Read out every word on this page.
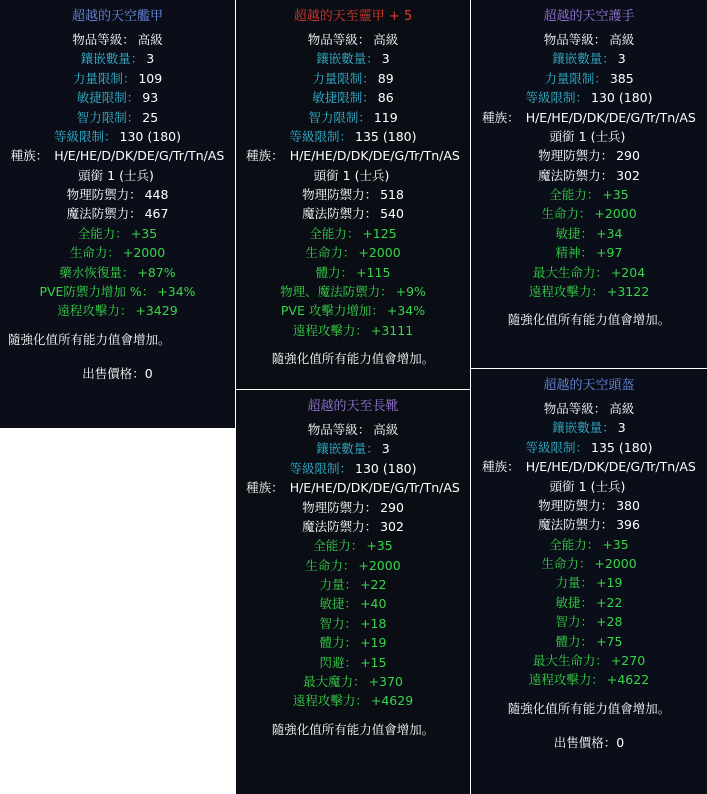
超越的天空艦甲
物品等級： 高級
鑲嵌數量： 3
力量限制： 109
敏捷限制： 93
智力限制： 25
等級限制： 130 (180)
種族： H/E/HE/D/DK/DE/G/Tr/Tn/AS
頭銜 1 (士兵)
物理防禦力： 448
魔法防禦力： 467
全能力： +35
生命力： +2000
藥水恢復量： +87%
PVE防禦力增加 %： +34%
遠程攻擊力： +3429
隨強化值所有能力值會增加。
出售價格：0
超越的天至靈甲 + 5
物品等級： 高級
鑲嵌數量： 3
力量限制： 89
敏捷限制： 86
智力限制： 119
等級限制： 135 (180)
種族： H/E/HE/D/DK/DE/G/Tr/Tn/AS
頭銜 1 (士兵)
物理防禦力： 518
魔法防禦力： 540
全能力： +125
生命力： +2000
體力： +115
物理、魔法防禦力： +9%
PVE 攻擊力增加： +34%
遠程攻擊力： +3111
隨強化值所有能力值會增加。
超越的天空護手
物品等級： 高級
鑲嵌數量： 3
力量限制： 385
等級限制： 130 (180)
種族： H/E/HE/D/DK/DE/G/Tr/Tn/AS
頭銜 1 (士兵)
物理防禦力： 290
魔法防禦力： 302
全能力： +35
生命力： +2000
敏捷： +34
精神： +97
最大生命力： +204
遠程攻擊力： +3122
隨強化值所有能力值會增加。
超越的天至長靴
物品等級： 高級
鑲嵌數量： 3
等級限制： 130 (180)
種族： H/E/HE/D/DK/DE/G/Tr/Tn/AS
物理防禦力： 290
魔法防禦力： 302
全能力： +35
生命力： +2000
力量： +22
敏捷： +40
智力： +18
體力： +19
閃避： +15
最大魔力： +370
遠程攻擊力： +4629
隨強化值所有能力值會增加。
超越的天空頭盔
物品等級： 高級
鑲嵌數量： 3
等級限制： 135 (180)
種族： H/E/HE/D/DK/DE/G/Tr/Tn/AS
頭銜 1 (士兵)
物理防禦力： 380
魔法防禦力： 396
全能力： +35
生命力： +2000
力量： +19
敏捷： +22
智力： +28
體力： +75
最大生命力： +270
遠程攻擊力： +4622
隨強化值所有能力值會增加。
出售價格：0
